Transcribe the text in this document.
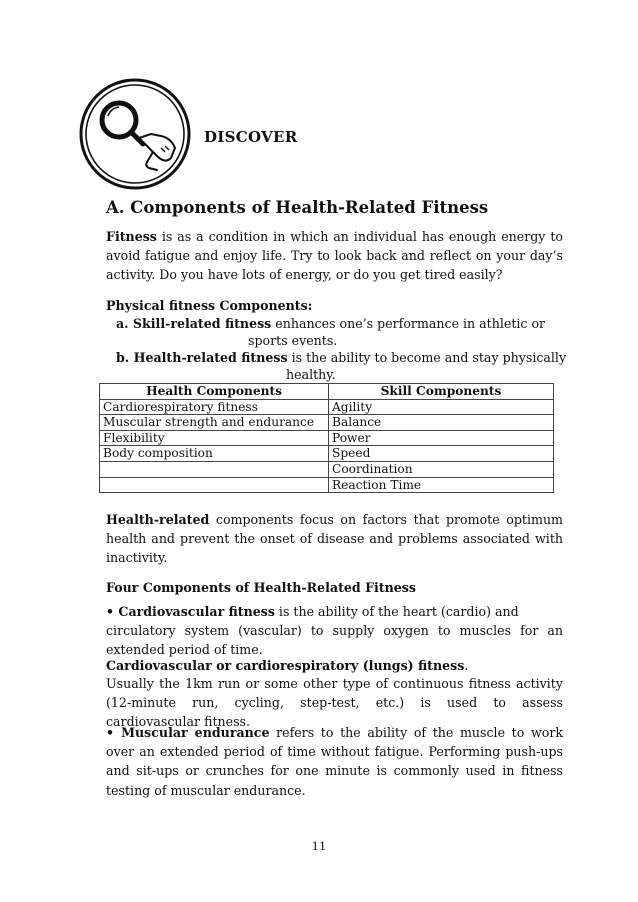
DISCOVER
A. Components of Health-Related Fitness

Fitness is as a condition in which an individual has enough energy to avoid fatigue and enjoy life. Try to look back and reflect on your day’s activity. Do you have lots of energy, or do you get tired easily?

Physical fitness Components:

a. Skill-related fitness enhances one’s performance in athletic or

sports events.

b. Health-related fitness is the ability to become and stay physically

healthy.

Health Components	Skill Components
Cardiorespiratory fitness	Agility
Muscular strength and endurance	Balance
Flexibility	Power
Body composition	Speed
	Coordination
	Reaction Time

Health-related components focus on factors that promote optimum health and prevent the onset of disease and problems associated with inactivity.

Four Components of Health-Related Fitness

• Cardiovascular fitness is the ability of the heart (cardio) and
circulatory system (vascular) to supply oxygen to muscles for an extended period of time.

Cardiovascular or cardiorespiratory (lungs) fitness.

Usually the 1km run or some other type of continuous fitness activity (12-minute run, cycling, step-test, etc.) is used to assess cardiovascular fitness.

• Muscular endurance refers to the ability of the muscle to work over an extended period of time without fatigue. Performing push-ups and sit-ups or crunches for one minute is commonly used in fitness testing of muscular endurance.

11
